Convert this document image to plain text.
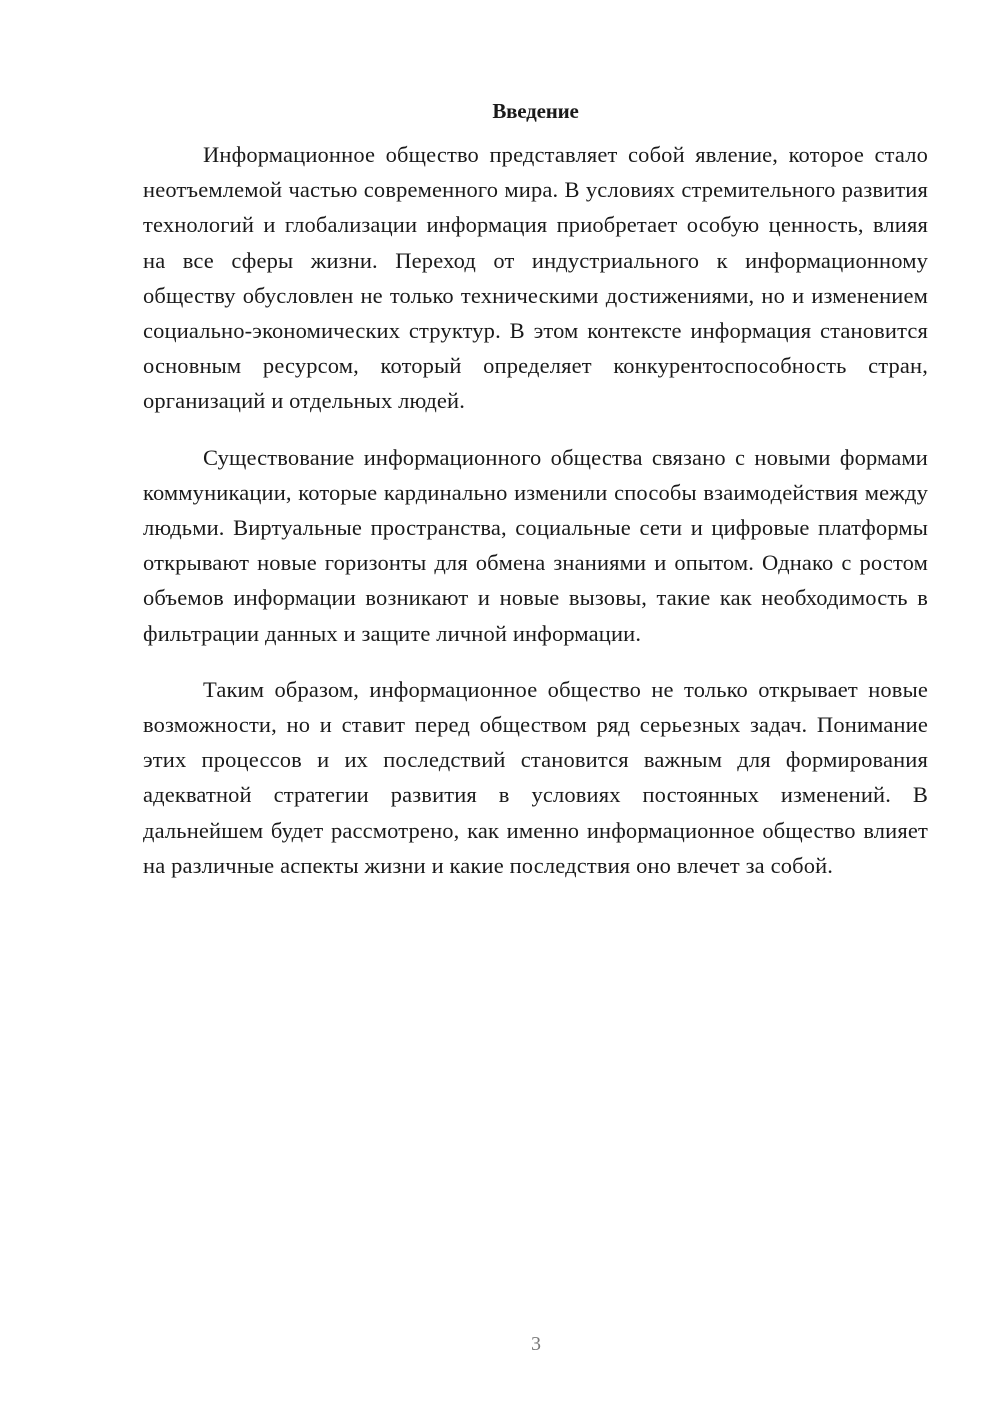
Введение

Информационное общество представляет собой явление, которое стало неотъемлемой частью современного мира. В условиях стремительного развития технологий и глобализации информация приобретает особую ценность, влияя на все сферы жизни. Переход от индустриального к информационному обществу обусловлен не только техническими достижениями, но и изменением социально-экономических структур. В этом контексте информация становится основным ресурсом, который определяет конкурентоспособность стран, организаций и отдельных людей.

Существование информационного общества связано с новыми формами коммуникации, которые кардинально изменили способы взаимодействия между людьми. Виртуальные пространства, социальные сети и цифровые платформы открывают новые горизонты для обмена знаниями и опытом. Однако с ростом объемов информации возникают и новые вызовы, такие как необходимость в фильтрации данных и защите личной информации.

Таким образом, информационное общество не только открывает новые возможности, но и ставит перед обществом ряд серьезных задач. Понимание этих процессов и их последствий становится важным для формирования адекватной стратегии развития в условиях постоянных изменений. В дальнейшем будет рассмотрено, как именно информационное общество влияет на различные аспекты жизни и какие последствия оно влечет за собой.

3
